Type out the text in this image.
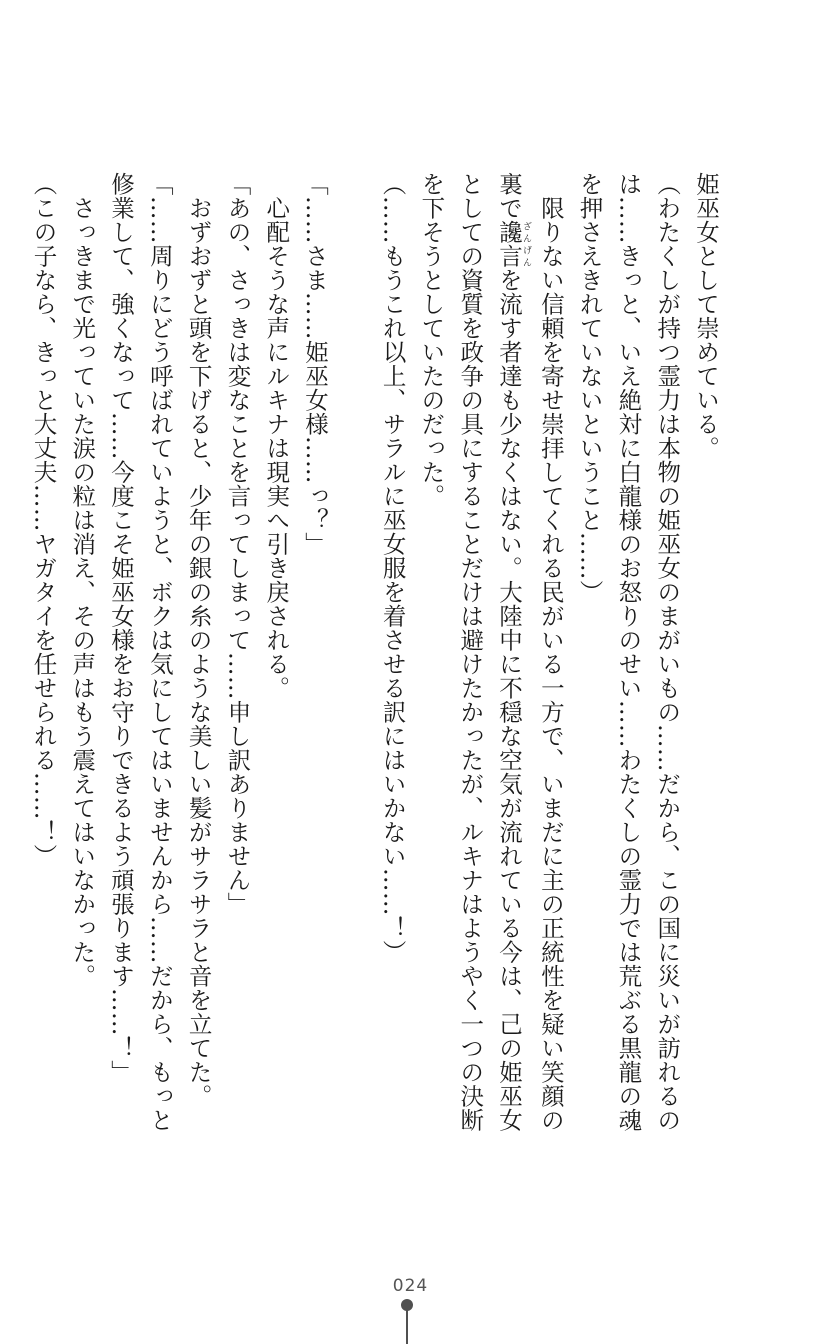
姫巫女として崇めている。
（わたくしが持つ霊力は本物の姫巫女のまがいもの……だから、この国に災いが訪れるの
は……きっと、いえ絶対に白龍様のお怒りのせい……わたくしの霊力では荒ぶる黒龍の魂
を押さえきれていないということ……）
限りない信頼を寄せ崇拝してくれる民がいる一方で、いまだに主の正統性を疑い笑顔の
裏で讒言ざんげんを流す者達も少なくはない。大陸中に不穏な空気が流れている今は、己の姫巫女
としての資質を政争の具にすることだけは避けたかったが、ルキナはようやく一つの決断
を下そうとしていたのだった。
（……もうこれ以上、サラルに巫女服を着させる訳にはいかない……！）
「……さま……姫巫女様……っ？」
心配そうな声にルキナは現実へ引き戻される。
「あの、さっきは変なことを言ってしまって……申し訳ありません」
おずおずと頭を下げると、少年の銀の糸のような美しい髪がサラサラと音を立てた。
「……周りにどう呼ばれていようと、ボクは気にしてはいませんから……だから、もっと
修業して、強くなって……今度こそ姫巫女様をお守りできるよう頑張ります……！」
さっきまで光っていた涙の粒は消え、その声はもう震えてはいなかった。
（この子なら、きっと大丈夫……ヤガタイを任せられる……！）
024
